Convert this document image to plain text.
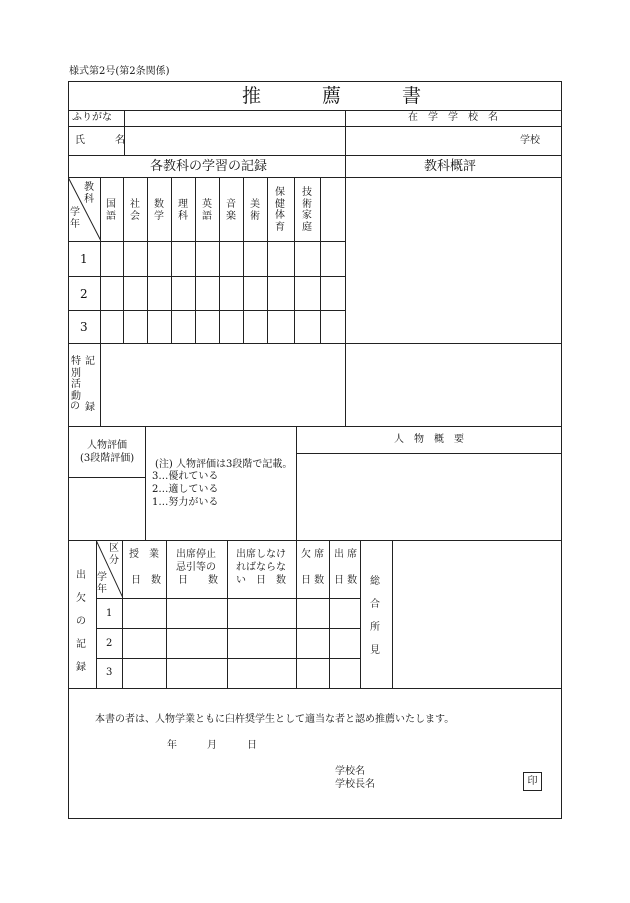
様式第2号(第2条関係)
推　　　薦　　　書
ふりがな
氏　　　名
在　学　学　校　名
学校
各教科の学習の記録	教科概評
教
科
学
年
国
語
社
会
数
学
理
科
英
語
音
楽
美
術
保
健
体
育
技
術
家
庭
1
2
3
特
別
活
動
の
記

録
人物評価
(3段階評価)
(注) 人物評価は3段階で記載。
3…優れている
2…適している
1…努力がいる
人　物　概　要
区
分
学
年
出

欠

の

記

録
授　業
日　数
出席停止
忌引等の
日　　数
出席しなけ
ればならな
い　日　数
欠 席
日 数
出 席
日 数
1
2
3
総

合

所

見
本書の者は、人物学業ともに臼杵奨学生として適当な者と認め推薦いたします。
年　　　月　　　日
学校名
学校長名	印
